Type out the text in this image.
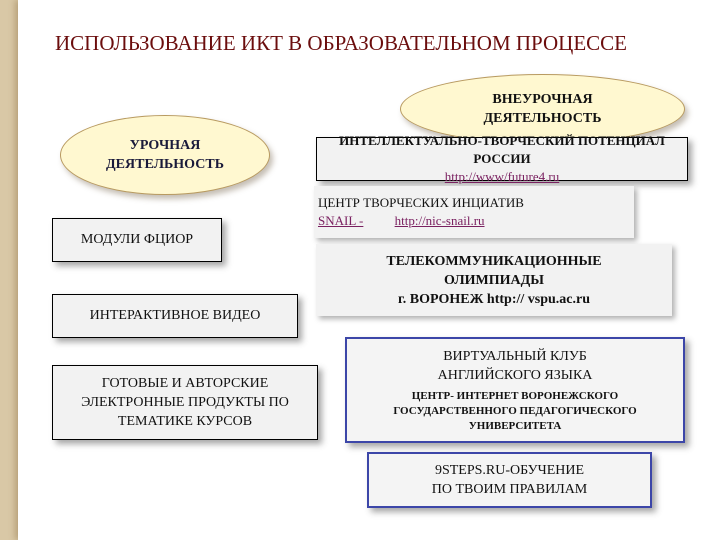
ИСПОЛЬЗОВАНИЕ ИКТ В ОБРАЗОВАТЕЛЬНОМ ПРОЦЕССЕ
ВНЕУРОЧНАЯ ДЕЯТЕЛЬНОСТЬ
УРОЧНАЯ ДЕЯТЕЛЬНОСТЬ
МОДУЛИ ФЦИОР
ИНТЕРАКТИВНОЕ ВИДЕО
ГОТОВЫЕ И АВТОРСКИЕ ЭЛЕКТРОННЫЕ ПРОДУКТЫ ПО ТЕМАТИКЕ КУРСОВ
ИНТЕЛЛЕКТУАЛЬНО-ТВОРЧЕСКИЙ ПОТЕНЦИАЛ РОССИИ
http://www/future4.ru
ЦЕНТР ТВОРЧЕСКИХ ИНЦИАТИВ
SNAIL - http://nic-snail.ru
ТЕЛЕКОММУНИКАЦИОННЫЕ ОЛИМПИАДЫ
г. ВОРОНЕЖ http:// vspu.ac.ru
ВИРТУАЛЬНЫЙ КЛУБ АНГЛИЙСКОГО ЯЗЫКА
ЦЕНТР- ИНТЕРНЕТ ВОРОНЕЖСКОГО ГОСУДАРСТВЕННОГО ПЕДАГОГИЧЕСКОГО УНИВЕРСИТЕТА
9STEPS.RU-ОБУЧЕНИЕ ПО ТВОИМ ПРАВИЛАМ
